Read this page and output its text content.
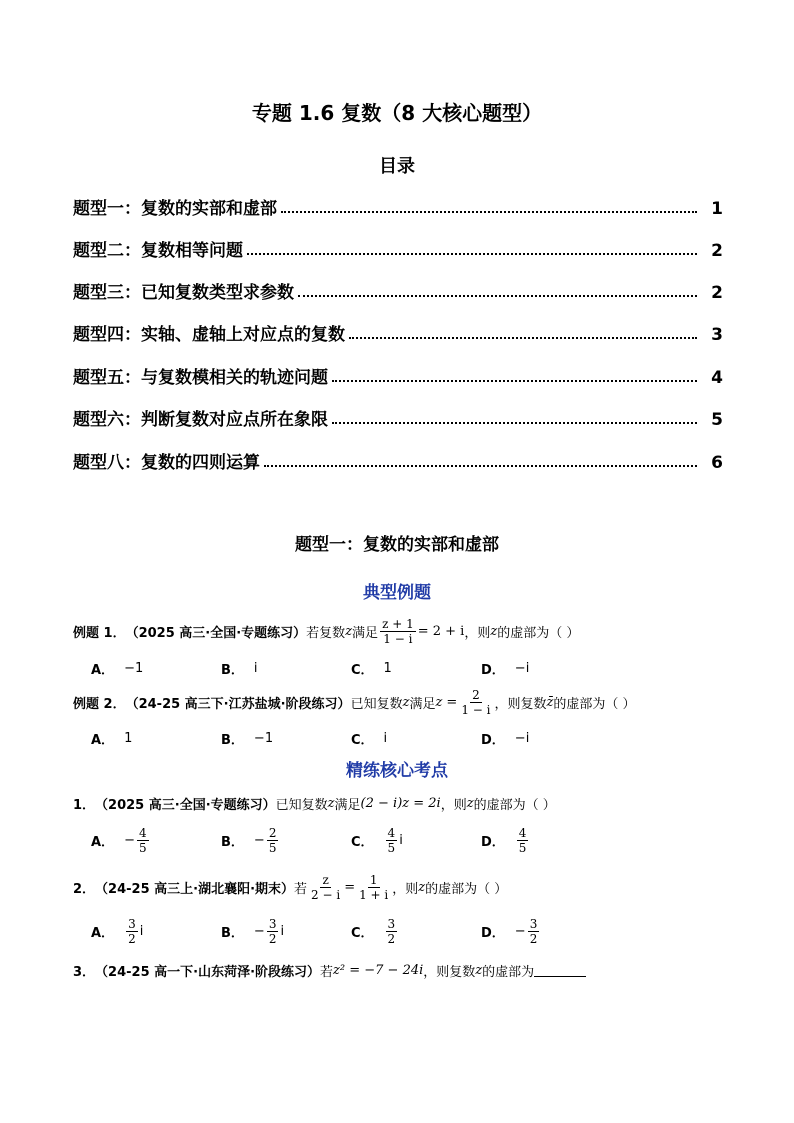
专题 1.6 复数（8 大核心题型）
目录
题型一：复数的实部和虚部	1
题型二：复数相等问题	2
题型三：已知复数类型求参数	2
题型四：实轴、虚轴上对应点的复数	3
题型五：与复数模相关的轨迹问题	4
题型六：判断复数对应点所在象限	5
题型八：复数的四则运算	6
题型一：复数的实部和虚部
典型例题
例题 1． （2025 高三·全国·专题练习） 若复数 z 满足 $\frac{z + 1}{1 - i} = 2 + i$ ，则 z 的虚部为（ ）
A． −1	B． i	C． 1	D． −i
例题 2． （24-25 高三下·江苏盐城·阶段练习） 已知复数 z 满足 $z = \frac{2}{1 - i}$ ，则复数 z̄ 的虚部为（ ）
A． 1	B． −1	C． i	D． −i
精练核心考点
1． （2025 高三·全国·专题练习） 已知复数 z 满足 (2 − i)z = 2i ，则 z 的虚部为（ ）
A． − $\frac{4}{5}$	B． − $\frac{2}{5}$	C． $\frac{4}{5}$ i	D． $\frac{4}{5}$
2． （24-25 高三上·湖北襄阳·期末） 若 $\frac{z}{2 - i} = \frac{1}{1 + i}$ ，则 z 的虚部为（ ）
A． $\frac{3}{2}$ i	B． − $\frac{3}{2}$ i	C． $\frac{3}{2}$	D． − $\frac{3}{2}$
3． （24-25 高一下·山东菏泽·阶段练习） 若 z² = −7 − 24i ，则复数 z 的虚部为
